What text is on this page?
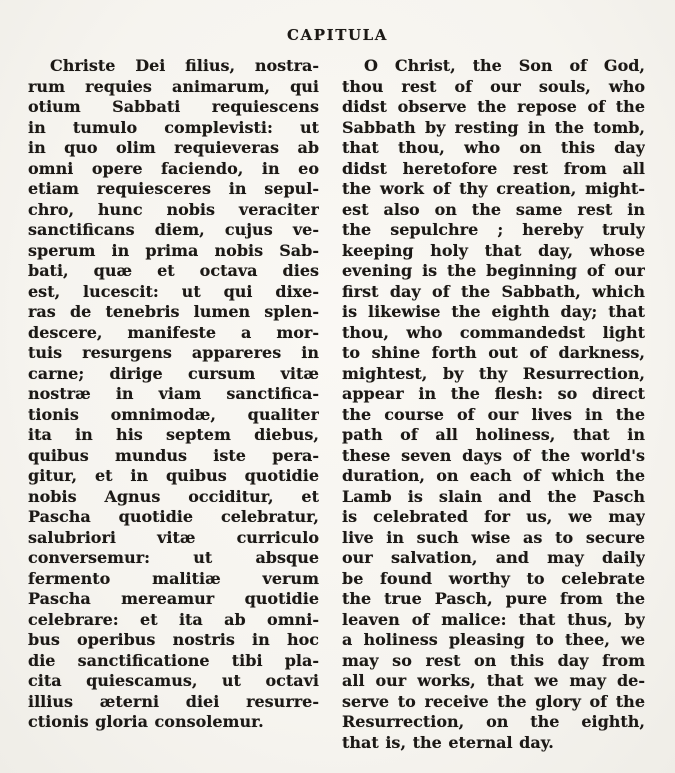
CAPITULA
Christe Dei filius, nostra-
rum requies animarum, qui
otium Sabbati requiescens
in tumulo complevisti: ut
in quo olim requieveras ab
omni opere faciendo, in eo
etiam requiesceres in sepul-
chro, hunc nobis veraciter
sanctificans diem, cujus ve-
sperum in prima nobis Sab-
bati, quæ et octava dies
est, lucescit: ut qui dixe-
ras de tenebris lumen splen-
descere, manifeste a mor-
tuis resurgens appareres in
carne; dirige cursum vitæ
nostræ in viam sanctifica-
tionis omnimodæ, qualiter
ita in his septem diebus,
quibus mundus iste pera-
gitur, et in quibus quotidie
nobis Agnus occiditur, et
Pascha quotidie celebratur,
salubriori vitæ curriculo
conversemur: ut absque
fermento malitiæ verum
Pascha mereamur quotidie
celebrare: et ita ab omni-
bus operibus nostris in hoc
die sanctificatione tibi pla-
cita quiescamus, ut octavi
illius æterni diei resurre-
ctionis gloria consolemur.
O Christ, the Son of God,
thou rest of our souls, who
didst observe the repose of the
Sabbath by resting in the tomb,
that thou, who on this day
didst heretofore rest from all
the work of thy creation, might-
est also on the same rest in
the sepulchre ; hereby truly
keeping holy that day, whose
evening is the beginning of our
first day of the Sabbath, which
is likewise the eighth day; that
thou, who commandedst light
to shine forth out of darkness,
mightest, by thy Resurrection,
appear in the flesh: so direct
the course of our lives in the
path of all holiness, that in
these seven days of the world's
duration, on each of which the
Lamb is slain and the Pasch
is celebrated for us, we may
live in such wise as to secure
our salvation, and may daily
be found worthy to celebrate
the true Pasch, pure from the
leaven of malice: that thus, by
a holiness pleasing to thee, we
may so rest on this day from
all our works, that we may de-
serve to receive the glory of the
Resurrection, on the eighth,
that is, the eternal day.
